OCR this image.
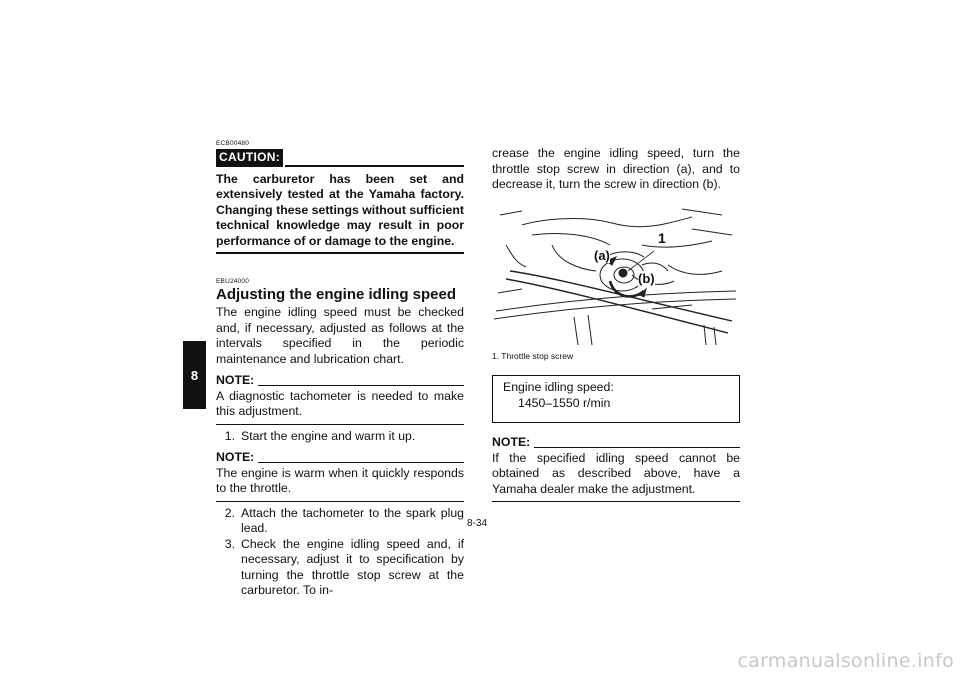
8
ECB00480
CAUTION:

The carburetor has been set and extensively tested at the Yamaha factory. Changing these settings without sufficient technical knowledge may result in poor performance of or damage to the engine.

EBU24000
Adjusting the engine idling speed

The engine idling speed must be checked and, if necessary, adjusted as follows at the intervals specified in the periodic maintenance and lubrication chart.

NOTE:

A diagnostic tachometer is needed to make this adjustment.

1. Start the engine and warm it up.
NOTE:

The engine is warm when it quickly responds to the throttle.

2. Attach the tachometer to the spark plug lead.
3. Check the engine idling speed and, if necessary, adjust it to specification by turning the throttle stop screw at the carburetor. To in-

crease the engine idling speed, turn the throttle stop screw in direction (a), and to decrease it, turn the screw in direction (b).

1
(a)
(b)
1. Throttle stop screw
Engine idling speed:
1450–1550 r/min
NOTE:

If the specified idling speed cannot be obtained as described above, have a Yamaha dealer make the adjustment.

8-34
carmanualsonline.info
